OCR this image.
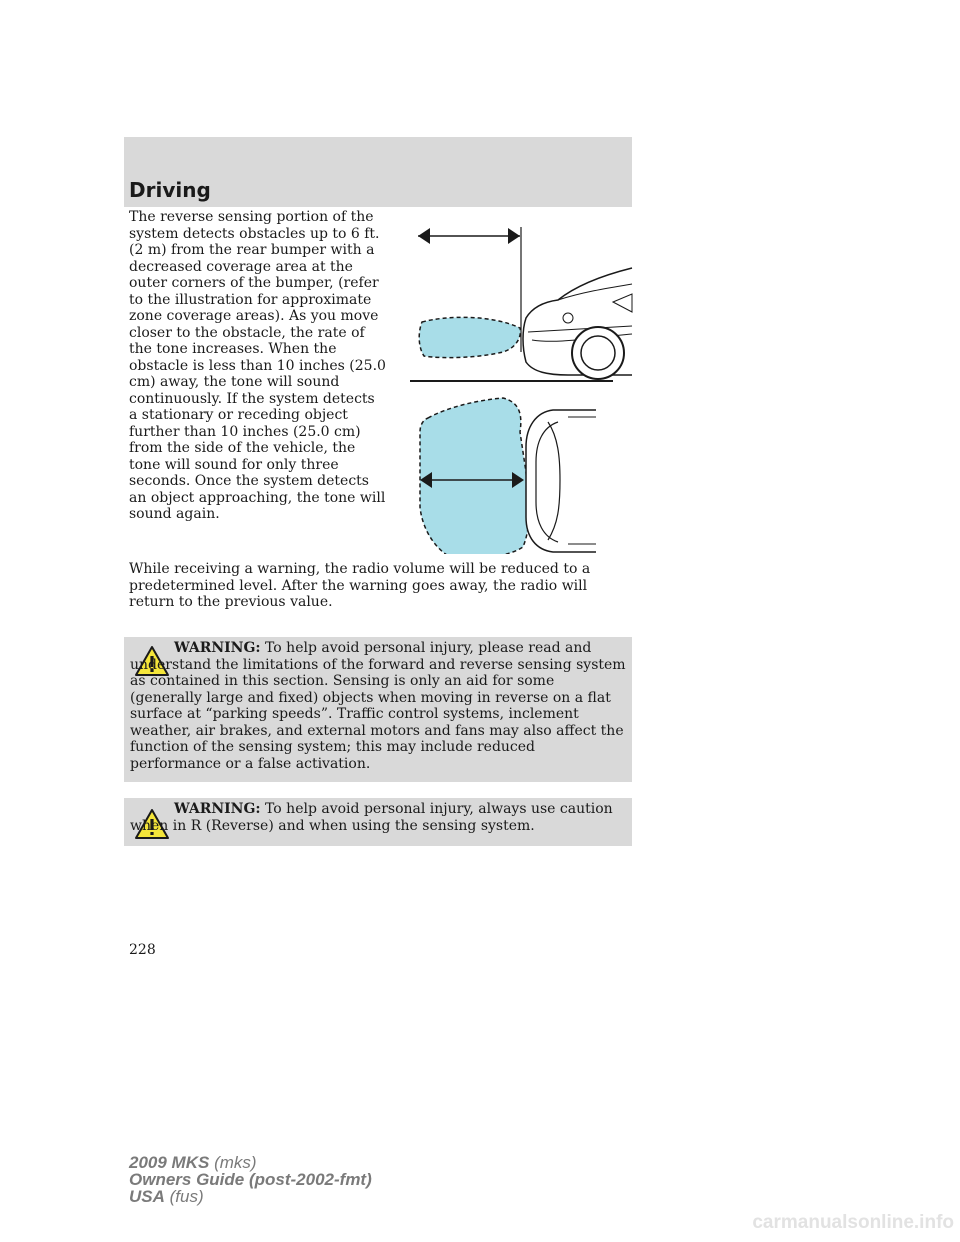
Driving

The reverse sensing portion of the system detects obstacles up to 6 ft. (2 m) from the rear bumper with a decreased coverage area at the outer corners of the bumper, (refer to the illustration for approximate zone coverage areas). As you move closer to the obstacle, the rate of the tone increases. When the obstacle is less than 10 inches (25.0 cm) away, the tone will sound continuously. If the system detects a stationary or receding object further than 10 inches (25.0 cm) from the side of the vehicle, the tone will sound for only three seconds. Once the system detects an object approaching, the tone will sound again.

While receiving a warning, the radio volume will be reduced to a predetermined level. After the warning goes away, the radio will return to the previous value.

WARNING: To help avoid personal injury, please read and understand the limitations of the forward and reverse sensing system as contained in this section. Sensing is only an aid for some (generally large and fixed) objects when moving in reverse on a flat surface at “parking speeds”. Traffic control systems, inclement weather, air brakes, and external motors and fans may also affect the function of the sensing system; this may include reduced performance or a false activation.

WARNING: To help avoid personal injury, always use caution when in R (Reverse) and when using the sensing system.

228
2009 MKS (mks)
Owners Guide (post-2002-fmt)
USA (fus)
carmanualsonline.info
